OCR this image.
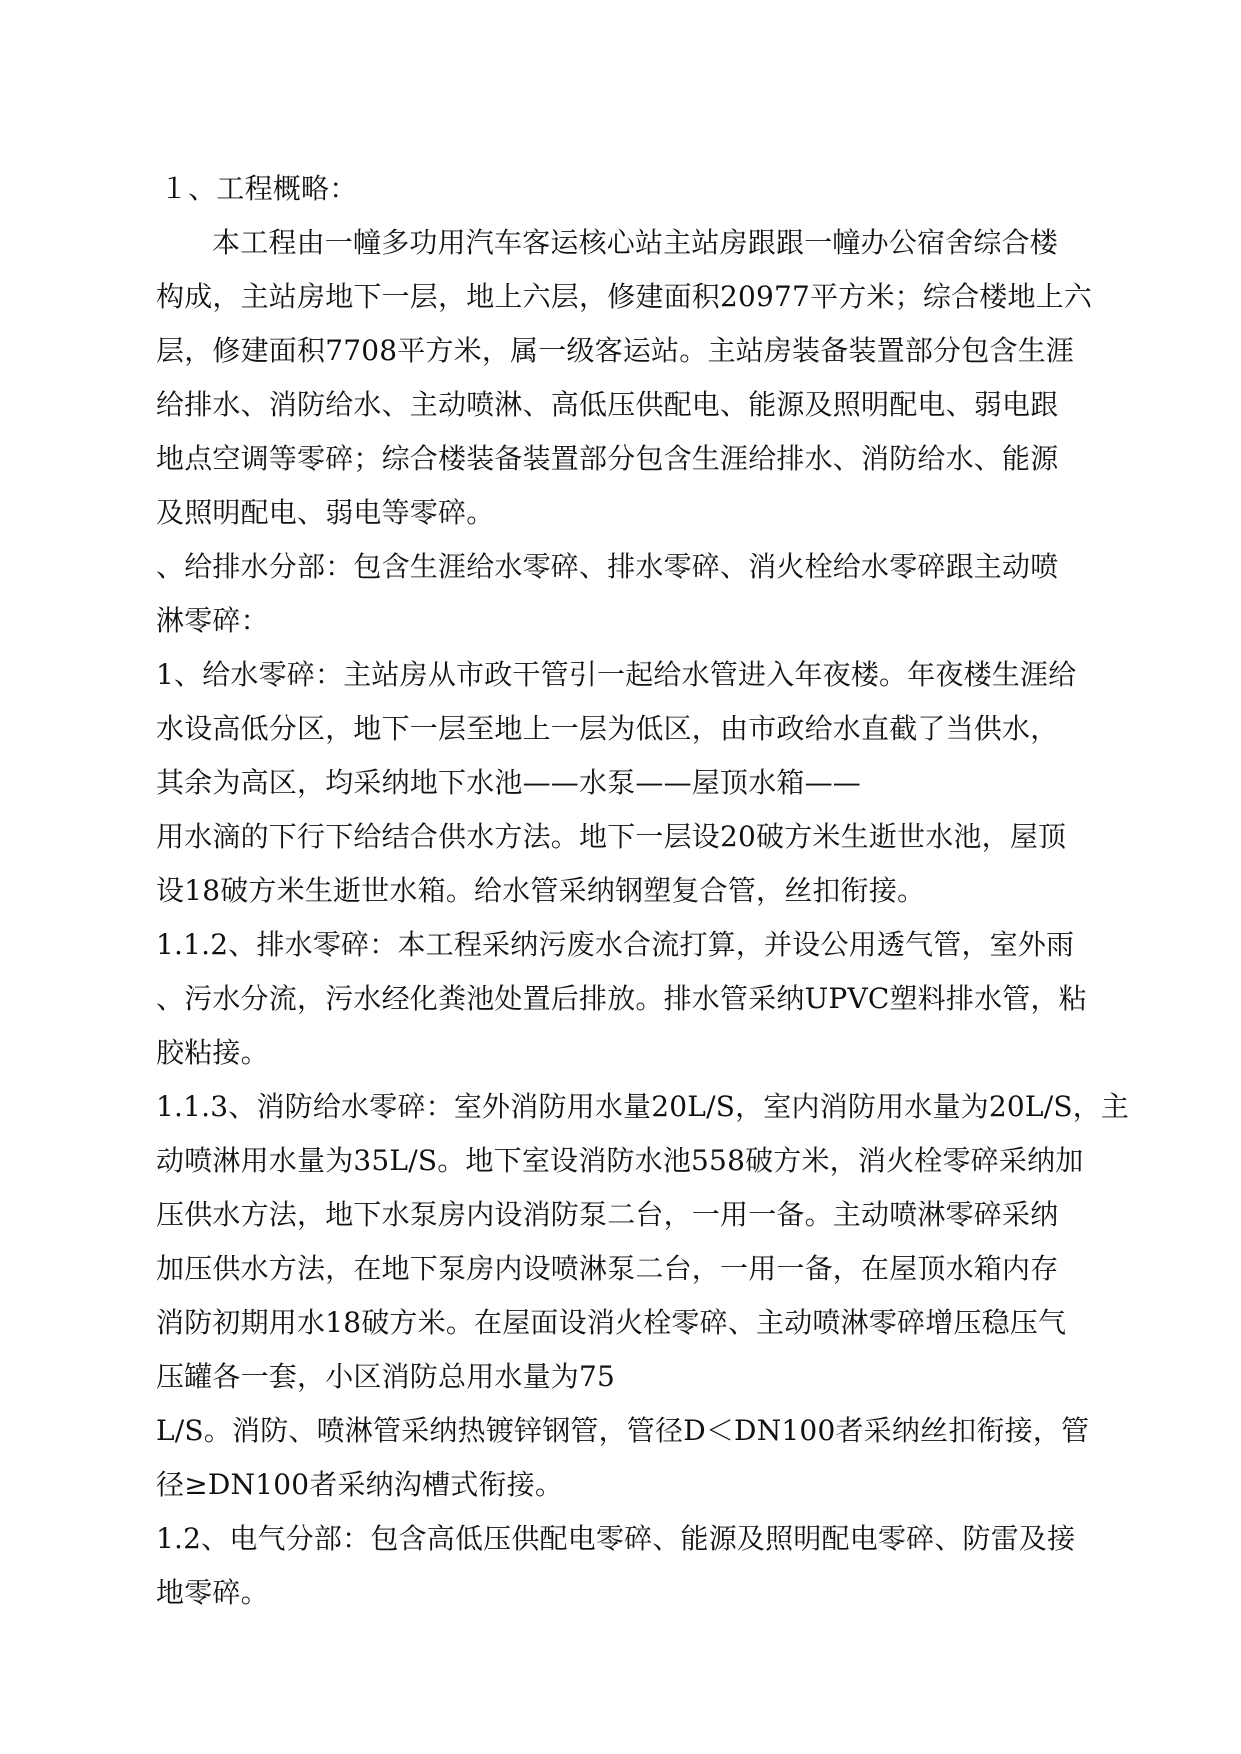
１、工程概略：
本工程由一幢多功用汽车客运核心站主站房跟跟一幢办公宿舍综合楼
构成，主站房地下一层，地上六层，修建面积20977平方米；综合楼地上六
层，修建面积7708平方米，属一级客运站。主站房装备装置部分包含生涯
给排水、消防给水、主动喷淋、高低压供配电、能源及照明配电、弱电跟
地点空调等零碎；综合楼装备装置部分包含生涯给排水、消防给水、能源
及照明配电、弱电等零碎。
、给排水分部：包含生涯给水零碎、排水零碎、消火栓给水零碎跟主动喷
淋零碎：
1、给水零碎：主站房从市政干管引一起给水管进入年夜楼。年夜楼生涯给
水设高低分区，地下一层至地上一层为低区，由市政给水直截了当供水，
其余为高区，均采纳地下水池——水泵——屋顶水箱——
用水滴的下行下给结合供水方法。地下一层设20破方米生逝世水池，屋顶
设18破方米生逝世水箱。给水管采纳钢塑复合管，丝扣衔接。
1.1.2、排水零碎：本工程采纳污废水合流打算，并设公用透气管，室外雨
、污水分流，污水经化粪池处置后排放。排水管采纳UPVC塑料排水管，粘
胶粘接。
1.1.3、消防给水零碎：室外消防用水量20L/S，室内消防用水量为20L/S，主
动喷淋用水量为35L/S。地下室设消防水池558破方米，消火栓零碎采纳加
压供水方法，地下水泵房内设消防泵二台，一用一备。主动喷淋零碎采纳
加压供水方法，在地下泵房内设喷淋泵二台，一用一备，在屋顶水箱内存
消防初期用水18破方米。在屋面设消火栓零碎、主动喷淋零碎增压稳压气
压罐各一套，小区消防总用水量为75
L/S。消防、喷淋管采纳热镀锌钢管，管径D＜DN100者采纳丝扣衔接，管
径≥DN100者采纳沟槽式衔接。
1.2、电气分部：包含高低压供配电零碎、能源及照明配电零碎、防雷及接
地零碎。
